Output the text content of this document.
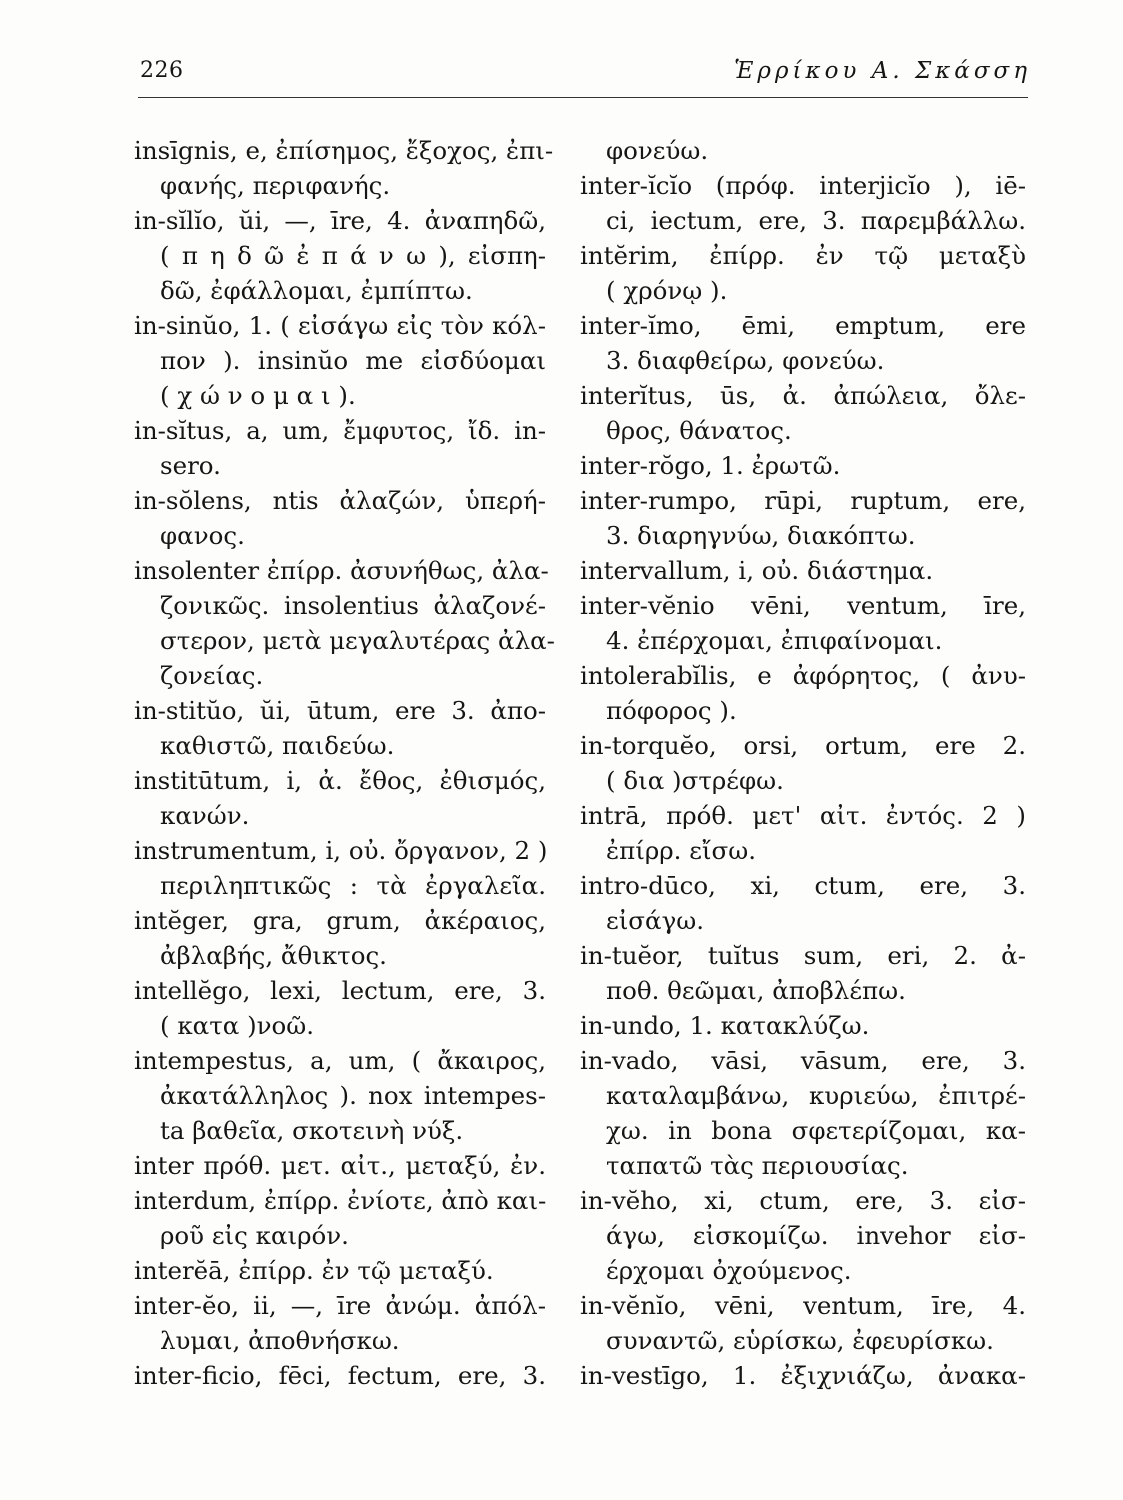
226	Ἑρρίκου Α. Σκάσση
insīgnis, e, ἐπίσημος, ἔξοχος, ἐπι-
φανής, περιφανής.
in-sĭlĭo, ŭi, —, īre, 4. ἀναπηδῶ,
( π η δ ῶ ἐ π ά ν ω ), εἰσπη-
δῶ, ἐφάλλομαι, ἐμπίπτω.
in-sinŭo, 1. ( εἰσάγω εἰς τὸν κόλ-
πον ). insinŭo me εἰσδύομαι
( χ ώ ν ο μ α ι ).
in-sĭtus, a, um, ἔμφυτος, ἴδ. in-
sero.
in-sŏlens, ntis ἀλαζών, ὑπερή-
φανος.
insolenter ἐπίρρ. ἀσυνήθως, ἀλα-
ζονικῶς. insolentius ἀλαζονέ-
στερον, μετὰ μεγαλυτέρας ἀλα-
ζονείας.
in-stitŭo, ŭi, ūtum, ere 3. ἀπο-
καθιστῶ, παιδεύω.
institūtum, i, ἀ. ἔθος, ἐθισμός,
κανών.
instrumentum, i, οὐ. ὄργανον, 2 )
περιληπτικῶς : τὰ ἐργαλεῖα.
intĕger, gra, grum, ἀκέραιος,
ἀβλαβής, ἄθικτος.
intellĕgo, lexi, lectum, ere, 3.
( κατα )νοῶ.
intempestus, a, um, ( ἄκαιρος,
ἀκατάλληλος ). nox intempes-
ta βαθεῖα, σκοτεινὴ νύξ.
inter πρόθ. μετ. αἰτ., μεταξύ, ἐν.
interdum, ἐπίρρ. ἐνίοτε, ἀπὸ και-
ροῦ εἰς καιρόν.
interĕā, ἐπίρρ. ἐν τῷ μεταξύ.
inter-ĕo, ii, —, īre ἀνώμ. ἀπόλ-
λυμαι, ἀποθνήσκω.
inter-ficio, fēci, fectum, ere, 3.
φονεύω.
inter-ĭcĭo (πρόφ. interjicĭo ), iē-
ci, iectum, ere, 3. παρεμβάλλω.
intĕrim, ἐπίρρ. ἐν τῷ μεταξὺ
( χρόνῳ ).
inter-ĭmo, ēmi, emptum, ere
3. διαφθείρω, φονεύω.
interĭtus, ūs, ἀ. ἀπώλεια, ὄλε-
θρος, θάνατος.
inter-rŏgo, 1. ἐρωτῶ.
inter-rumpo, rūpi, ruptum, ere,
3. διαρηγνύω, διακόπτω.
intervallum, i, οὐ. διάστημα.
inter-vĕnio vēni, ventum, īre,
4. ἐπέρχομαι, ἐπιφαίνομαι.
intolerabĭlis, e ἀφόρητος, ( ἀνυ-
πόφορος ).
in-torquĕo, orsi, ortum, ere 2.
( δια )στρέφω.
intrā, πρόθ. μετ' αἰτ. ἐντός. 2 )
ἐπίρρ. εἴσω.
intro-dūco, xi, ctum, ere, 3.
εἰσάγω.
in-tuĕor, tuĭtus sum, eri, 2. ἀ-
ποθ. θεῶμαι, ἀποβλέπω.
in-undo, 1. κατακλύζω.
in-vado, vāsi, vāsum, ere, 3.
καταλαμβάνω, κυριεύω, ἐπιτρέ-
χω. in bona σφετερίζομαι, κα-
ταπατῶ τὰς περιουσίας.
in-vĕho, xi, ctum, ere, 3. εἰσ-
άγω, εἰσκομίζω. invehor εἰσ-
έρχομαι ὀχούμενος.
in-vĕnĭo, vēni, ventum, īre, 4.
συναντῶ, εὑρίσκω, ἐφευρίσκω.
in-vestīgo, 1. ἐξιχνιάζω, ἀνακα-
